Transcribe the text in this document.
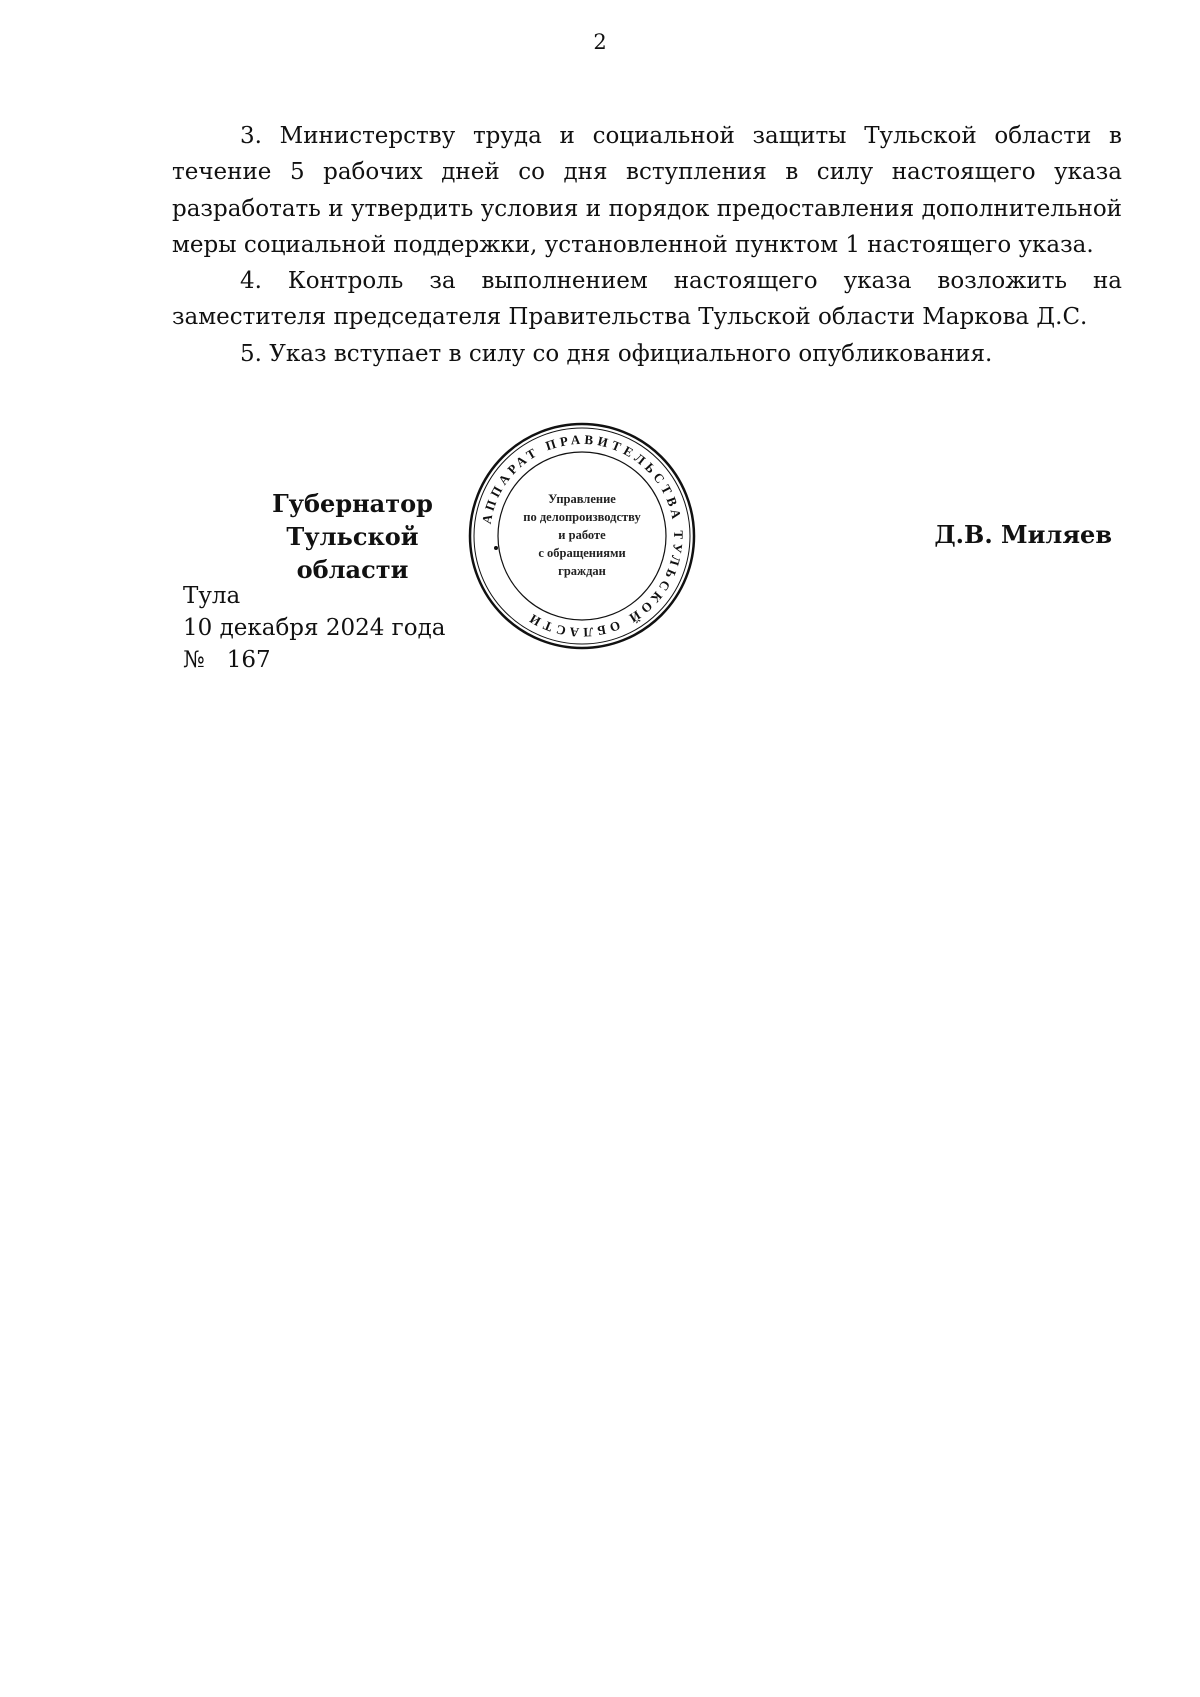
2

3. Министерству труда и социальной защиты Тульской области в течение 5 рабочих дней со дня вступления в силу настоящего указа разработать и утвердить условия и порядок предоставления дополнительной меры социальной поддержки, установленной пунктом 1 настоящего указа.

4. Контроль за выполнением настоящего указа возложить на заместителя председателя Правительства Тульской области Маркова Д.С.

5. Указ вступает в силу со дня официального опубликования.

Губернатор
Тульской области
АППАРАТ ПРАВИТЕЛЬСТВА ТУЛЬСКОЙ ОБЛАСТИ
Управление
по делопроизводству
и работе
с обращениями
граждан
Д.В. Миляев
Тула
10 декабря 2024 года
№   167
